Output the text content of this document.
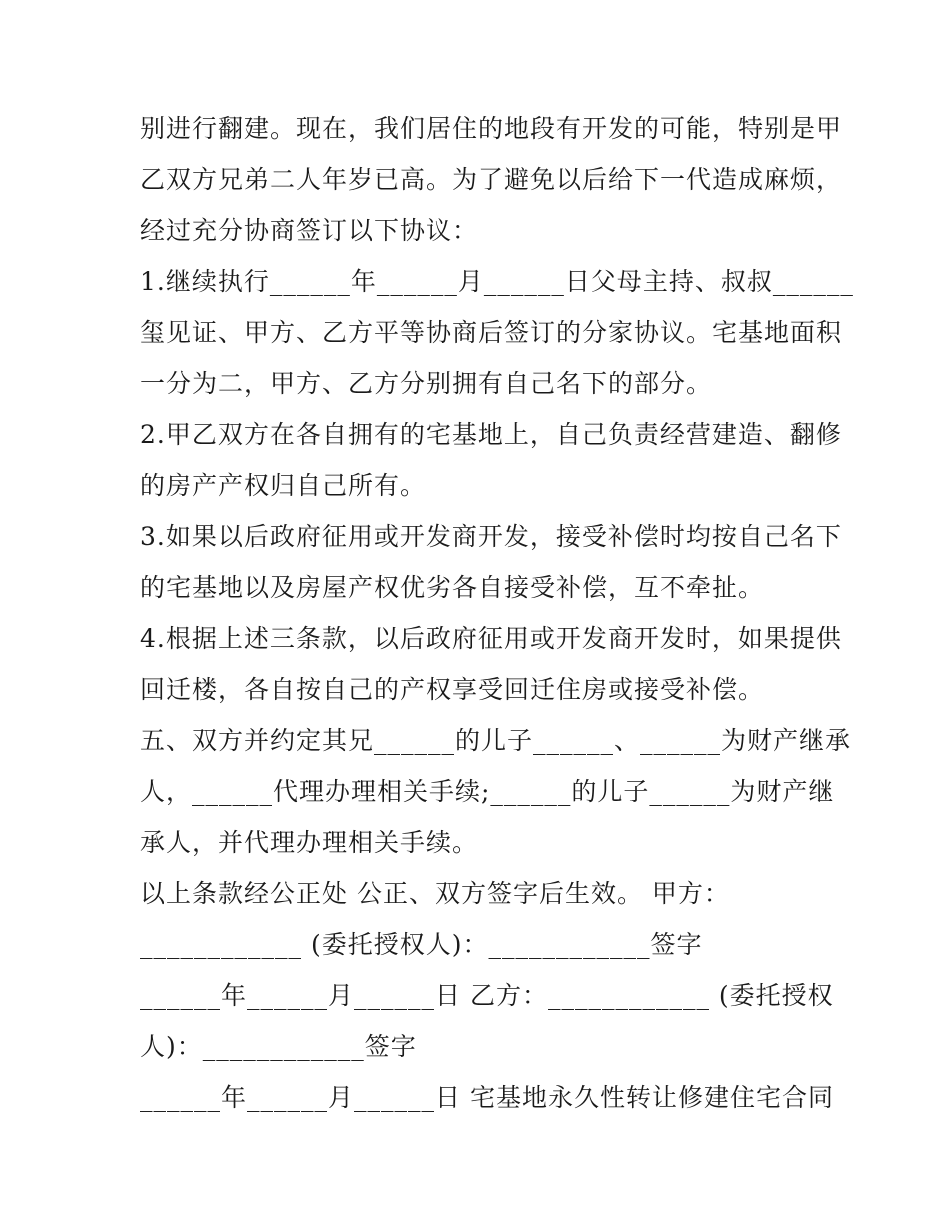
别进行翻建。现在，我们居住的地段有开发的可能，特别是甲
乙双方兄弟二人年岁已高。为了避免以后给下一代造成麻烦，
经过充分协商签订以下协议：
1.继续执行______年______月______日父母主持、叔叔______
玺见证、甲方、乙方平等协商后签订的分家协议。宅基地面积
一分为二，甲方、乙方分别拥有自己名下的部分。
2.甲乙双方在各自拥有的宅基地上，自己负责经营建造、翻修
的房产产权归自己所有。
3.如果以后政府征用或开发商开发，接受补偿时均按自己名下
的宅基地以及房屋产权优劣各自接受补偿，互不牵扯。
4.根据上述三条款，以后政府征用或开发商开发时，如果提供
回迁楼，各自按自己的产权享受回迁住房或接受补偿。
五、双方并约定其兄______的儿子______、______为财产继承
人，______代理办理相关手续;______的儿子______为财产继
承人，并代理办理相关手续。
以上条款经公正处 公正、双方签字后生效。 甲方：
____________ (委托授权人)：____________签字
______年______月______日 乙方：____________ (委托授权
人)：____________签字
______年______月______日 宅基地永久性转让修建住宅合同
